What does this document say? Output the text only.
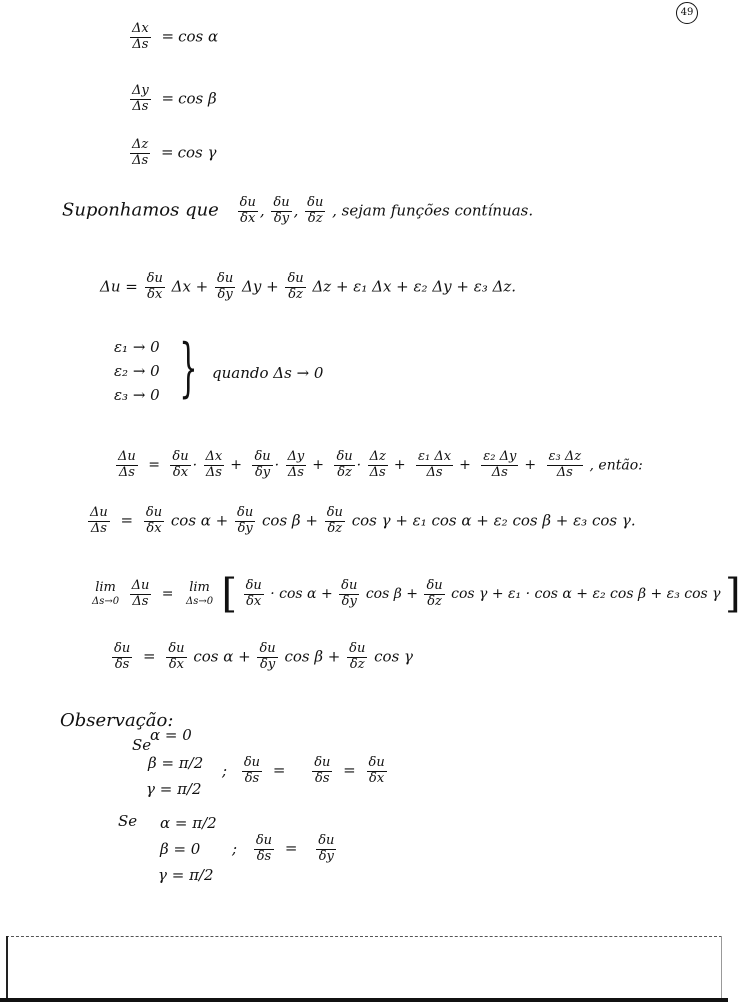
49
$\frac{\Delta x}{\Delta s} = \cos \alpha$
$\frac{\Delta y}{\Delta s} = \cos \beta$
$\frac{\Delta z}{\Delta s} = \cos \gamma$
Suponhamos que $\frac{\delta u}{\delta x}$ , $\frac{\delta u}{\delta y}$ , $\frac{\delta u}{\delta z}$ , sejam funções contínuas.
$\Delta u = \frac{\delta u}{\delta x}$ $\Delta x + \frac{\delta u}{\delta y}$ $\Delta y + \frac{\delta u}{\delta z}$ Δz + ε₁ Δx + ε₂ Δy + ε₃ Δz.
ε₁ → 0
ε₂ → 0
ε₃ → 0 } quando Δs → 0
$\frac{\Delta u}{\Delta s} = \frac{\delta u}{\delta x} \cdot \frac{\Delta x}{\Delta s} + \frac{\delta u}{\delta y} \cdot \frac{\Delta y}{\Delta s} + \frac{\delta u}{\delta z} \cdot \frac{\Delta z}{\Delta s} + \frac{\text{ε₁ Δx}}{\Delta s} + \frac{\text{ε₂ Δy}}{\Delta s} + \frac{\text{ε₃ Δz}}{\Delta s}$ , então:
$\frac{\Delta u}{\Delta s} = \frac{\delta u}{\delta x}$ $\cos \alpha + \frac{\delta u}{\delta y}$ $\cos \beta + \frac{\delta u}{\delta z}$ cos γ + ε₁ cos α + ε₂ cos β + ε₃ cos γ.
lim
Δs→0
$\frac{\Delta u}{\Delta s} = \lim$
Δs→0 [ $\frac{\delta u}{\delta x} \cdot \cos \alpha + \frac{\delta u}{\delta y}$ $\cos \beta + \frac{\delta u}{\delta z}$ cos γ + ε₁ · cos α + ε₂ cos β + ε₃ cos γ ]
$\frac{\delta u}{\delta s} = \frac{\delta u}{\delta x}$ $\cos \alpha + \frac{\delta u}{\delta y}$ $\cos \beta + \frac{\delta u}{\delta z}$ cos γ
Observação:
Se
α = 0
β = π/2
γ = π/2
; $\frac{\delta u}{\delta s} = \frac{\delta u}{\delta s} = \frac{\delta u}{\delta x}$
Se α = π/2
β = 0
γ = π/2
; $\frac{\delta u}{\delta s} = \frac{\delta u}{\delta y}$
